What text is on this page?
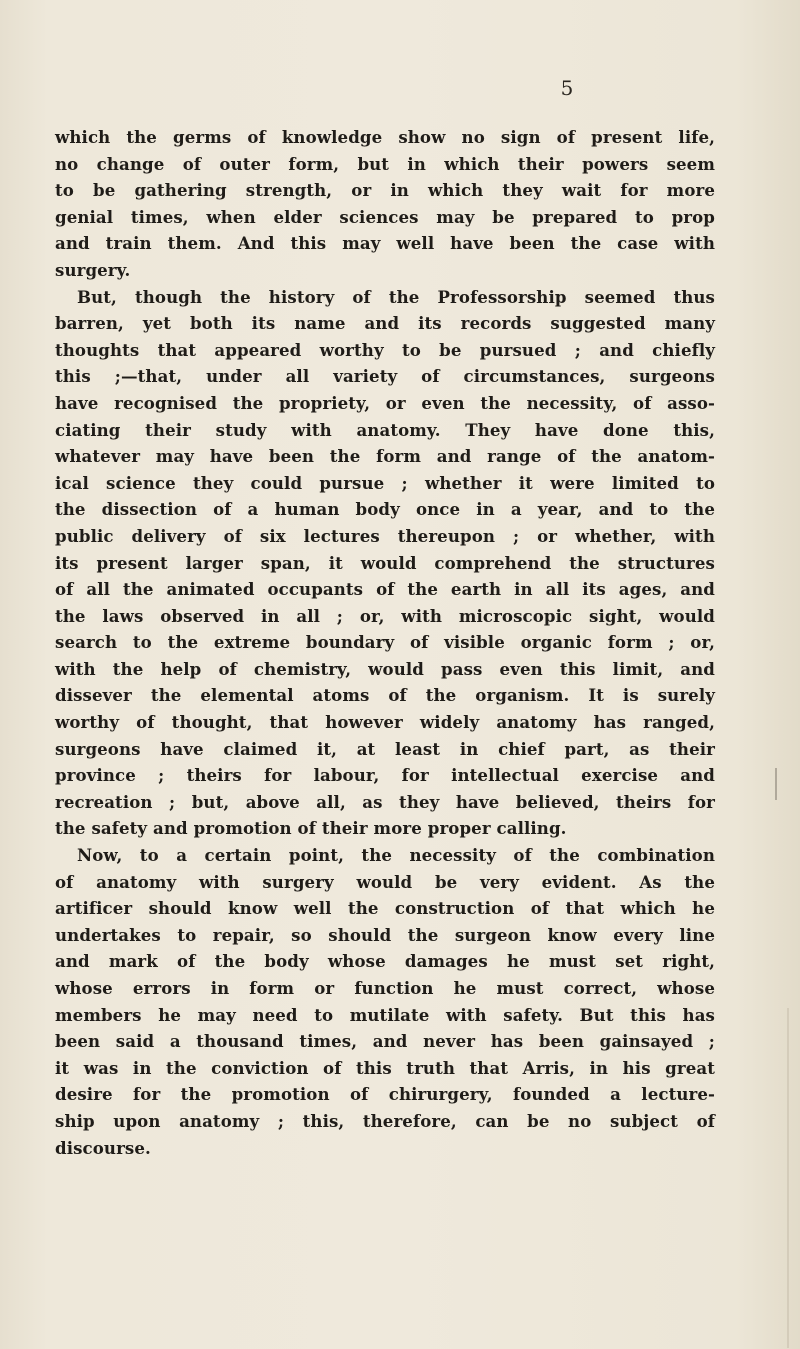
5
which the germs of knowledge show no sign of present life,
no change of outer form, but in which their powers seem
to be gathering strength, or in which they wait for more
genial times, when elder sciences may be prepared to prop
and train them. And this may well have been the case with
surgery.
But, though the history of the Professorship seemed thus
barren, yet both its name and its records suggested many
thoughts that appeared worthy to be pursued ; and chiefly
this ;—that, under all variety of circumstances, surgeons
have recognised the propriety, or even the necessity, of asso-
ciating their study with anatomy. They have done this,
whatever may have been the form and range of the anatom-
ical science they could pursue ; whether it were limited to
the dissection of a human body once in a year, and to the
public delivery of six lectures thereupon ; or whether, with
its present larger span, it would comprehend the structures
of all the animated occupants of the earth in all its ages, and
the laws observed in all ; or, with microscopic sight, would
search to the extreme boundary of visible organic form ; or,
with the help of chemistry, would pass even this limit, and
dissever the elemental atoms of the organism. It is surely
worthy of thought, that however widely anatomy has ranged,
surgeons have claimed it, at least in chief part, as their
province ; theirs for labour, for intellectual exercise and
recreation ; but, above all, as they have believed, theirs for
the safety and promotion of their more proper calling.
Now, to a certain point, the necessity of the combination
of anatomy with surgery would be very evident. As the
artificer should know well the construction of that which he
undertakes to repair, so should the surgeon know every line
and mark of the body whose damages he must set right,
whose errors in form or function he must correct, whose
members he may need to mutilate with safety. But this has
been said a thousand times, and never has been gainsayed ;
it was in the conviction of this truth that Arris, in his great
desire for the promotion of chirurgery, founded a lecture-
ship upon anatomy ; this, therefore, can be no subject of
discourse.
